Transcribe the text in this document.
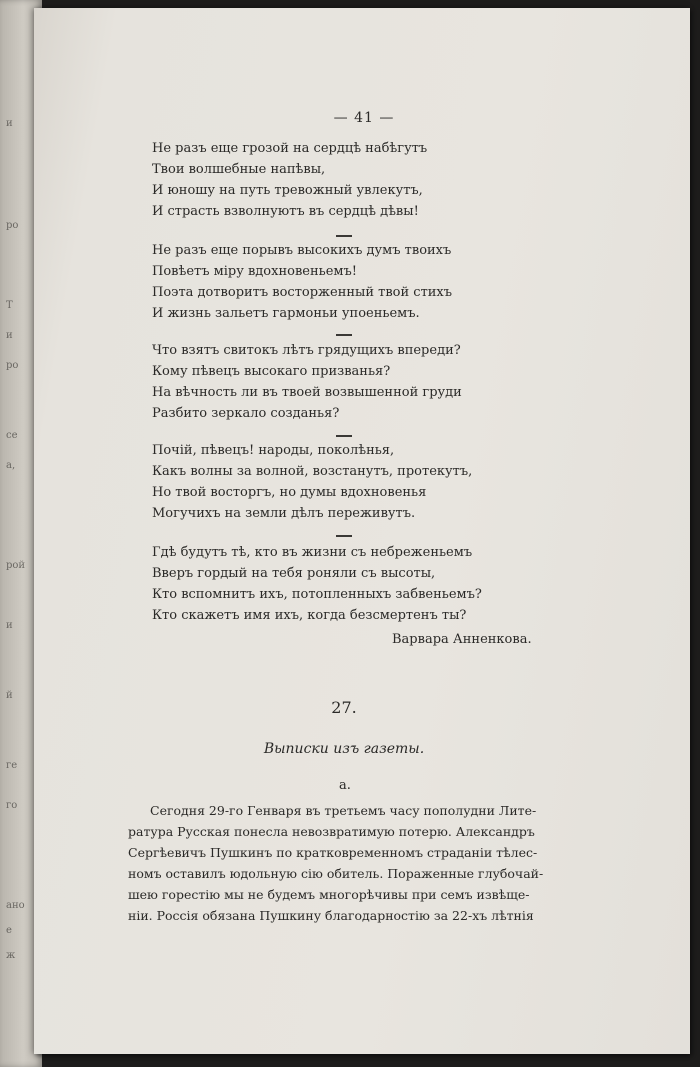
и
ро
Т
и
ро
се
а,
рой
и
й
ге
го
ано
е
ж
— 41 —
Не разъ еще грозой на сердцѣ набѣгутъ
Твои волшебные напѣвы,
И юношу на путь тревожный увлекутъ,
И страсть взволнуютъ въ сердцѣ дѣвы!
Не разъ еще порывъ высокихъ думъ твоихъ
Повѣетъ міру вдохновеньемъ!
Поэта дотворитъ восторженный твой стихъ
И жизнь зальетъ гармоньи упоеньемъ.
Что взятъ свитокъ лѣтъ грядущихъ впереди?
Кому пѣвецъ высокаго призванья?
На вѣчность ли въ твоей возвышенной груди
Разбито зеркало созданья?
Почій, пѣвецъ! народы, поколѣнья,
Какъ волны за волной, возстанутъ, протекутъ,
Но твой восторгъ, но думы вдохновенья
Могучихъ на земли дѣлъ переживутъ.
Гдѣ будутъ тѣ, кто въ жизни съ небреженьемъ
Вверъ гордый на тебя роняли съ высоты,
Кто вспомнитъ ихъ, потопленныхъ забвеньемъ?
Кто скажетъ имя ихъ, когда безсмертенъ ты?
Варвара Анненкова.
27.
Выписки изъ газеты.
а.
Сегодня 29-го Генваря въ третьемъ часу пополудни Лите-
ратура Русская понесла невозвратимую потерю. Александръ
Сергѣевичъ Пушкинъ по кратковременномъ страданіи тѣлес-
номъ оставилъ юдольную сію обитель. Пораженные глубочай-
шею горестію мы не будемъ многорѣчивы при семъ извѣще-
ніи. Россія обязана Пушкину благодарностію за 22-хъ лѣтнія
